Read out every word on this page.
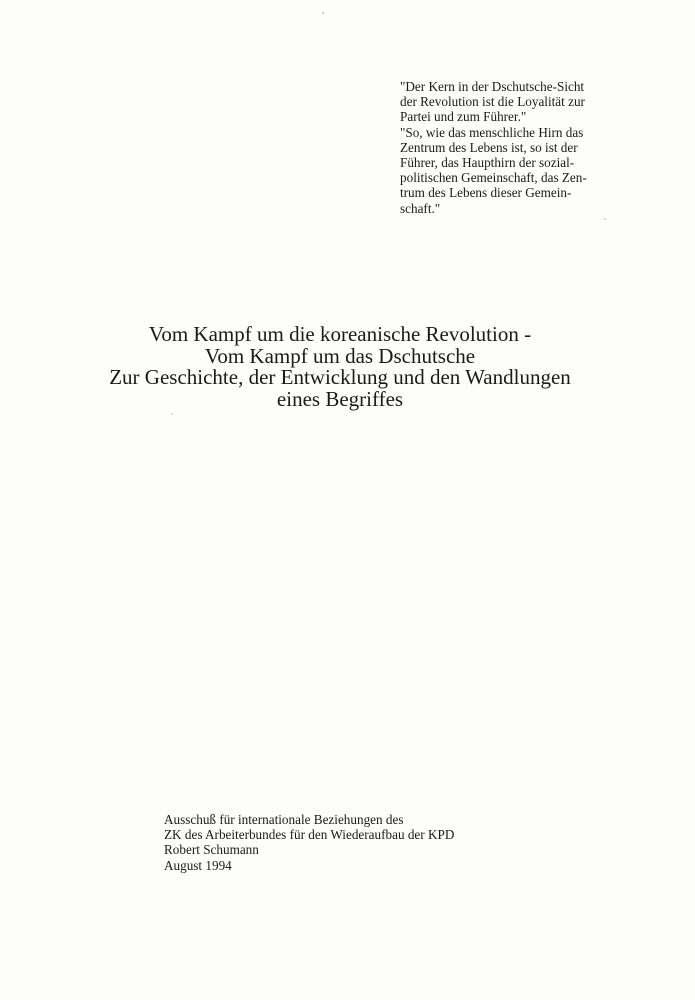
"Der Kern in der Dschutsche-Sicht
der Revolution ist die Loyalität zur
Partei und zum Führer."
"So, wie das menschliche Hirn das
Zentrum des Lebens ist, so ist der
Führer, das Haupthirn der sozial-
politischen Gemeinschaft, das Zen-
trum des Lebens dieser Gemein-
schaft."
Vom Kampf um die koreanische Revolution -
Vom Kampf um das Dschutsche
Zur Geschichte, der Entwicklung und den Wandlungen
eines Begriffes
Ausschuß für internationale Beziehungen des
ZK des Arbeiterbundes für den Wiederaufbau der KPD
Robert Schumann
August 1994
